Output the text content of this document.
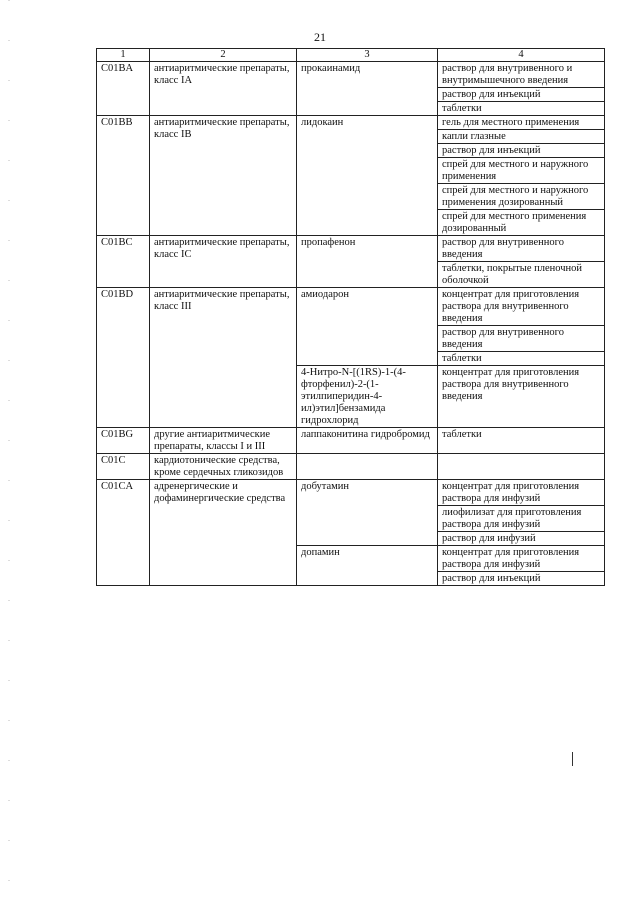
21
1	2	3	4
C01BA	антиаритмические препараты, класс IA	прокаинамид	раствор для внутривенного и внутримышечного введения
			раствор для инъекций
			таблетки
C01BB	антиаритмические препараты, класс IB	лидокаин	гель для местного применения
			капли глазные
			раствор для инъекций
			спрей для местного и наружного применения
			спрей для местного и наружного применения дозированный
			спрей для местного применения дозированный
C01BC	антиаритмические препараты, класс IC	пропафенон	раствор для внутривенного введения
			таблетки, покрытые пленочной оболочкой
C01BD	антиаритмические препараты, класс III	амиодарон	концентрат для приготовления раствора для внутривенного введения
			раствор для внутривенного введения
			таблетки
		4-Нитро-N-[(1RS)-1-(4-фторфенил)-2-(1-этилпиперидин-4-ил)этил]бензамида гидрохлорид	концентрат для приготовления раствора для внутривенного введения
C01BG	другие антиаритмические препараты, классы I и III	лаппаконитина гидробромид	таблетки
C01C	кардиотонические средства, кроме сердечных гликозидов		
C01CA	адренергические и дофаминергические средства	добутамин	концентрат для приготовления раствора для инфузий
			лиофилизат для приготовления раствора для инфузий
			раствор для инфузий
		допамин	концентрат для приготовления раствора для инфузий
			раствор для инъекций
